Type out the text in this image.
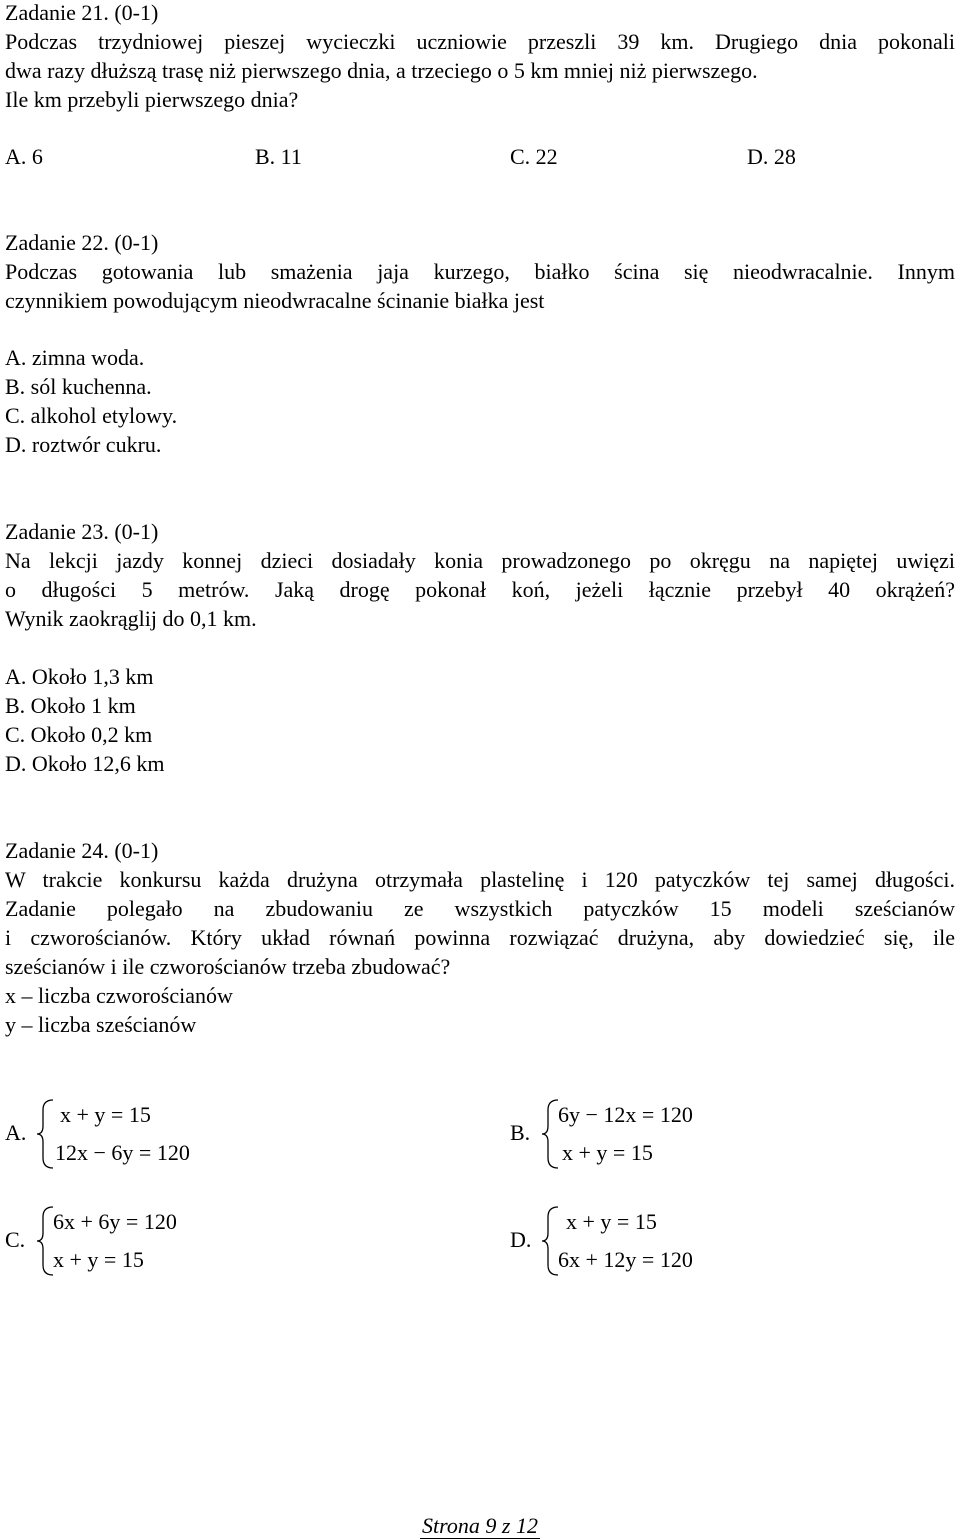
Zadanie 21. (0-1)
Podczas trzydniowej pieszej wycieczki uczniowie przeszli 39 km. Drugiego dnia pokonali
dwa razy dłuższą trasę niż pierwszego dnia, a trzeciego o 5 km mniej niż pierwszego.
Ile km przebyli pierwszego dnia?
A. 6	B. 11	C. 22	D. 28
Zadanie 22. (0-1)
Podczas gotowania lub smażenia jaja kurzego, białko ścina się nieodwracalnie. Innym
czynnikiem powodującym nieodwracalne ścinanie białka jest
A. zimna woda.
B. sól kuchenna.
C. alkohol etylowy.
D. roztwór cukru.
Zadanie 23. (0-1)
Na lekcji jazdy konnej dzieci dosiadały konia prowadzonego po okręgu na napiętej uwięzi
o długości 5 metrów. Jaką drogę pokonał koń, jeżeli łącznie przebył 40 okrążeń?
Wynik zaokrąglij do 0,1 km.
A. Około 1,3 km
B. Około 1 km
C. Około 0,2 km
D. Około 12,6 km
Zadanie 24. (0-1)
W trakcie konkursu każda drużyna otrzymała plastelinę i 120 patyczków tej samej długości.
Zadanie polegało na zbudowaniu ze wszystkich patyczków 15 modeli sześcianów
i czworościanów. Który układ równań powinna rozwiązać drużyna, aby dowiedzieć się, ile
sześcianów i ile czworościanów trzeba zbudować?
x – liczba czworościanów
y – liczba sześcianów
A.
x + y = 15
12x − 6y = 120
B.
6y − 12x = 120
x + y = 15
C.
6x + 6y = 120
x + y = 15
D.
x + y = 15
6x + 12y = 120
Strona 9 z 12
